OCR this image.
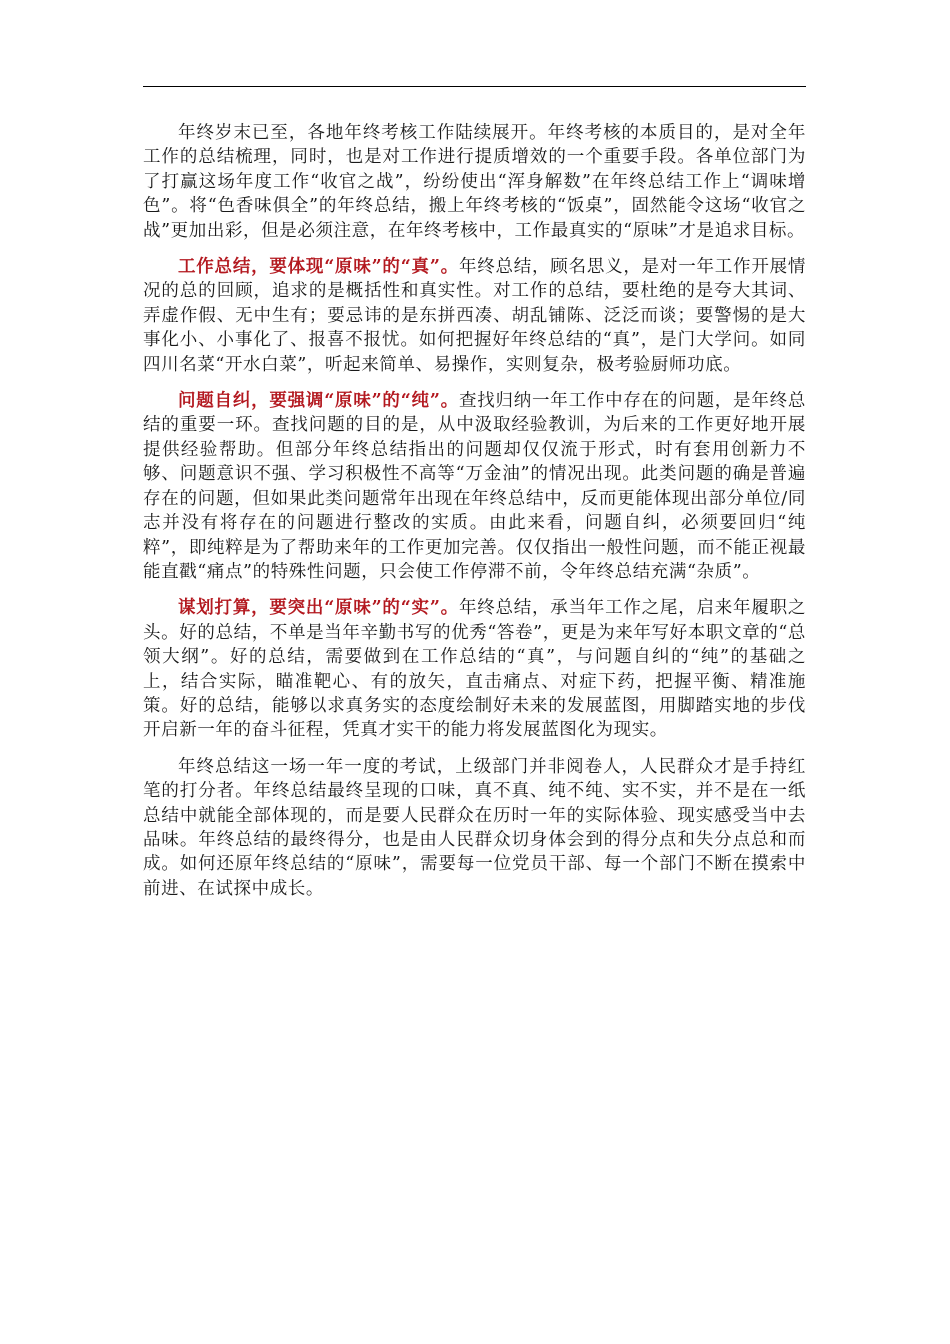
年终岁末已至，各地年终考核工作陆续展开。年终考核的本质目的，是对全年工作的总结梳理，同时，也是对工作进行提质增效的一个重要手段。各单位部门为了打赢这场年度工作“收官之战”，纷纷使出“浑身解数”在年终总结工作上“调味增色”。将“色香味俱全”的年终总结，搬上年终考核的“饭桌”，固然能令这场“收官之战”更加出彩，但是必须注意，在年终考核中，工作最真实的“原味”才是追求目标。

工作总结，要体现“原味”的“真”。年终总结，顾名思义，是对一年工作开展情况的总的回顾，追求的是概括性和真实性。对工作的总结，要杜绝的是夸大其词、弄虚作假、无中生有；要忌讳的是东拼西凑、胡乱铺陈、泛泛而谈；要警惕的是大事化小、小事化了、报喜不报忧。如何把握好年终总结的“真”，是门大学问。如同四川名菜“开水白菜”，听起来简单、易操作，实则复杂，极考验厨师功底。

问题自纠，要强调“原味”的“纯”。查找归纳一年工作中存在的问题，是年终总结的重要一环。查找问题的目的是，从中汲取经验教训，为后来的工作更好地开展提供经验帮助。但部分年终总结指出的问题却仅仅流于形式，时有套用创新力不够、问题意识不强、学习积极性不高等“万金油”的情况出现。此类问题的确是普遍存在的问题，但如果此类问题常年出现在年终总结中，反而更能体现出部分单位/同志并没有将存在的问题进行整改的实质。由此来看，问题自纠，必须要回归“纯粹”，即纯粹是为了帮助来年的工作更加完善。仅仅指出一般性问题，而不能正视最能直戳“痛点”的特殊性问题，只会使工作停滞不前，令年终总结充满“杂质”。

谋划打算，要突出“原味”的“实”。年终总结，承当年工作之尾，启来年履职之头。好的总结，不单是当年辛勤书写的优秀“答卷”，更是为来年写好本职文章的“总领大纲”。好的总结，需要做到在工作总结的“真”，与问题自纠的“纯”的基础之上，结合实际，瞄准靶心、有的放矢，直击痛点、对症下药，把握平衡、精准施策。好的总结，能够以求真务实的态度绘制好未来的发展蓝图，用脚踏实地的步伐开启新一年的奋斗征程，凭真才实干的能力将发展蓝图化为现实。

年终总结这一场一年一度的考试，上级部门并非阅卷人，人民群众才是手持红笔的打分者。年终总结最终呈现的口味，真不真、纯不纯、实不实，并不是在一纸总结中就能全部体现的，而是要人民群众在历时一年的实际体验、现实感受当中去品味。年终总结的最终得分，也是由人民群众切身体会到的得分点和失分点总和而成。如何还原年终总结的“原味”，需要每一位党员干部、每一个部门不断在摸索中前进、在试探中成长。
